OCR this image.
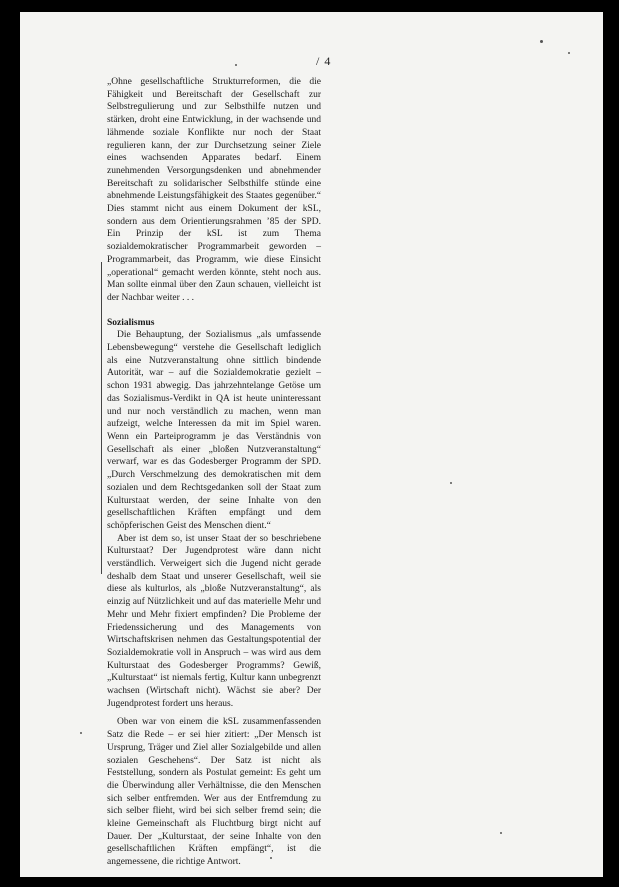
/ 4

„Ohne gesellschaftliche Strukturreformen, die die Fähigkeit und Bereitschaft der Gesellschaft zur Selbstregulierung und zur Selbsthilfe nutzen und stärken, droht eine Entwicklung, in der wachsende und lähmende soziale Konflikte nur noch der Staat regulieren kann, der zur Durchsetzung seiner Ziele eines wachsenden Apparates bedarf. Einem zunehmenden Versorgungsdenken und abnehmender Bereitschaft zu solidarischer Selbsthilfe stünde eine abnehmende Leistungsfähigkeit des Staates gegenüber.“ Dies stammt nicht aus einem Dokument der kSL, sondern aus dem Orientierungsrahmen ’85 der SPD. Ein Prinzip der kSL ist zum Thema sozialdemokratischer Programmarbeit geworden – Programmarbeit, das Programm, wie diese Einsicht „operational“ gemacht werden könnte, steht noch aus. Man sollte einmal über den Zaun schauen, vielleicht ist der Nachbar weiter . . .

Sozialismus

Die Behauptung, der Sozialismus „als umfassende Lebensbewegung“ verstehe die Gesellschaft lediglich als eine Nutzveranstaltung ohne sittlich bindende Autorität, war – auf die Sozialdemokratie gezielt – schon 1931 abwegig. Das jahrzehntelange Getöse um das Sozialismus-Verdikt in QA ist heute uninteressant und nur noch verständlich zu machen, wenn man aufzeigt, welche Interessen da mit im Spiel waren. Wenn ein Parteiprogramm je das Verständnis von Gesellschaft als einer „bloßen Nutzveranstaltung“ verwarf, war es das Godesberger Programm der SPD. „Durch Verschmelzung des demokratischen mit dem sozialen und dem Rechtsgedanken soll der Staat zum Kulturstaat werden, der seine Inhalte von den gesellschaftlichen Kräften empfängt und dem schöpferischen Geist des Menschen dient.“

Aber ist dem so, ist unser Staat der so beschriebene Kulturstaat? Der Jugendprotest wäre dann nicht verständlich. Verweigert sich die Jugend nicht gerade deshalb dem Staat und unserer Gesellschaft, weil sie diese als kulturlos, als „bloße Nutzveranstaltung“, als einzig auf Nützlichkeit und auf das materielle Mehr und Mehr und Mehr fixiert empfinden? Die Probleme der Friedenssicherung und des Managements von Wirtschaftskrisen nehmen das Gestaltungspotential der Sozialdemokratie voll in Anspruch – was wird aus dem Kulturstaat des Godesberger Programms? Gewiß, „Kulturstaat“ ist niemals fertig, Kultur kann unbegrenzt wachsen (Wirtschaft nicht). Wächst sie aber? Der Jugendprotest fordert uns heraus.

Oben war von einem die kSL zusammenfassenden Satz die Rede – er sei hier zitiert: „Der Mensch ist Ursprung, Träger und Ziel aller Sozialgebilde und allen sozialen Geschehens“. Der Satz ist nicht als Feststellung, sondern als Postulat gemeint: Es geht um die Überwindung aller Verhältnisse, die den Menschen sich selber entfremden. Wer aus der Entfremdung zu sich selber flieht, wird bei sich selber fremd sein; die kleine Gemeinschaft als Fluchtburg birgt nicht auf Dauer. Der „Kulturstaat, der seine Inhalte von den gesellschaftlichen Kräften empfängt“, ist die angemessene, die richtige Antwort.
